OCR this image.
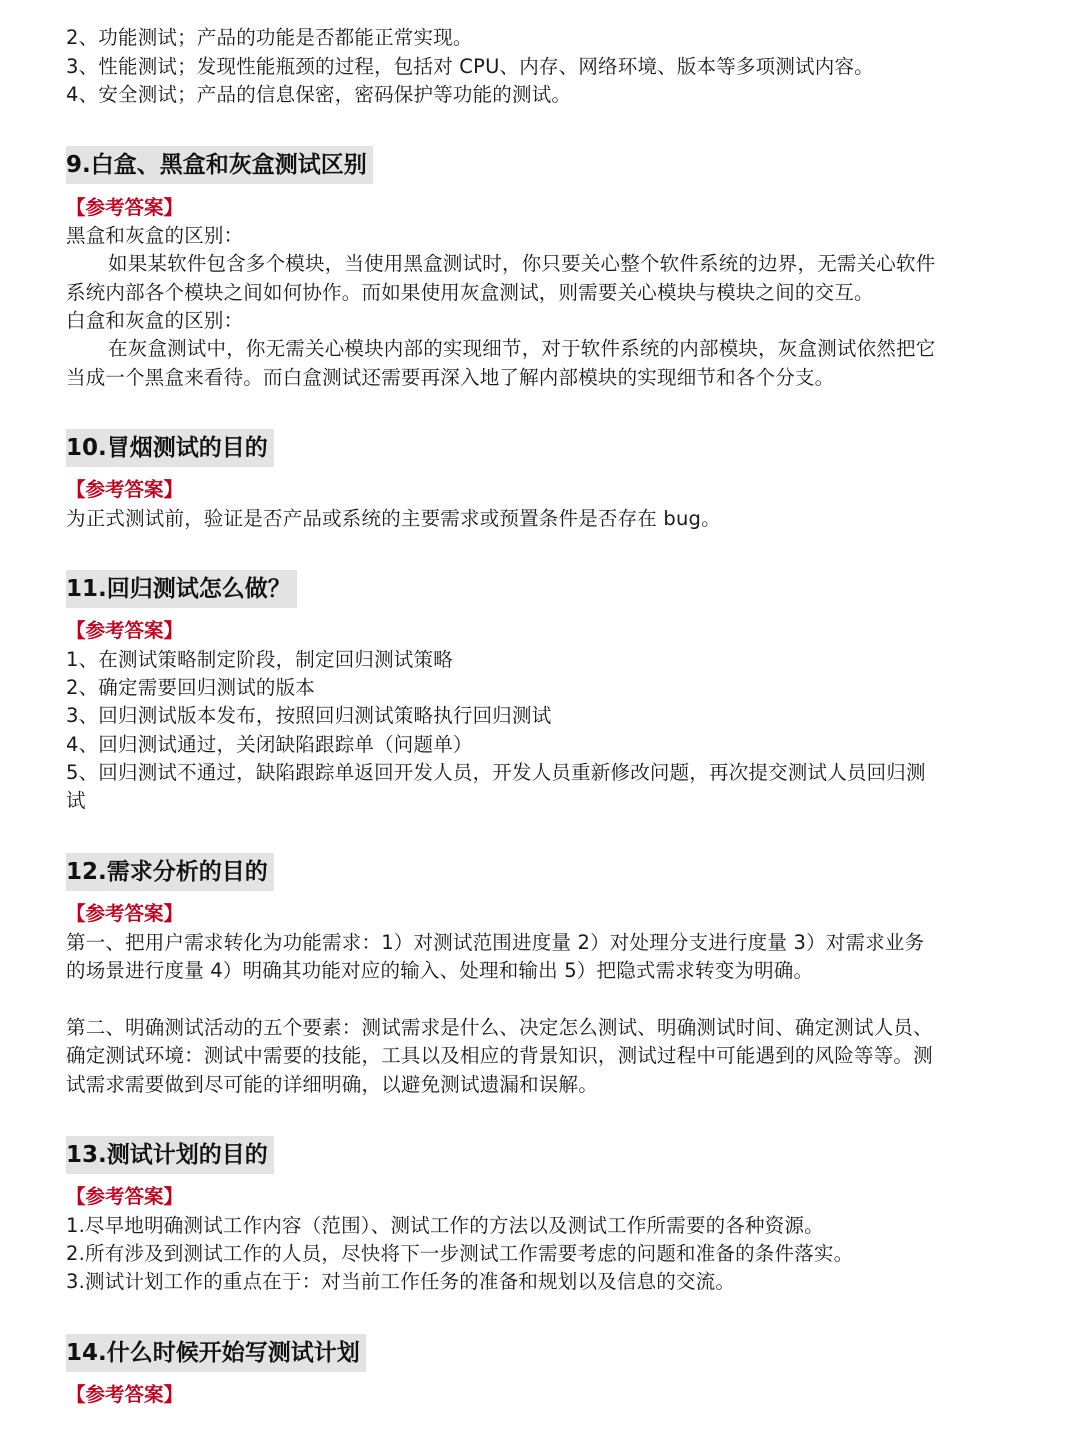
2、功能测试；产品的功能是否都能正常实现。
3、性能测试；发现性能瓶颈的过程，包括对 CPU、内存、网络环境、版本等多项测试内容。
4、安全测试；产品的信息保密，密码保护等功能的测试。
9.白盒、黑盒和灰盒测试区别
【参考答案】
黑盒和灰盒的区别：
如果某软件包含多个模块，当使用黑盒测试时，你只要关心整个软件系统的边界，无需关心软件
系统内部各个模块之间如何协作。而如果使用灰盒测试，则需要关心模块与模块之间的交互。
白盒和灰盒的区别：
在灰盒测试中，你无需关心模块内部的实现细节，对于软件系统的内部模块，灰盒测试依然把它
当成一个黑盒来看待。而白盒测试还需要再深入地了解内部模块的实现细节和各个分支。
10.冒烟测试的目的
【参考答案】
为正式测试前，验证是否产品或系统的主要需求或预置条件是否存在 bug。
11.回归测试怎么做？
【参考答案】
1、在测试策略制定阶段，制定回归测试策略
2、确定需要回归测试的版本
3、回归测试版本发布，按照回归测试策略执行回归测试
4、回归测试通过，关闭缺陷跟踪单（问题单）
5、回归测试不通过，缺陷跟踪单返回开发人员，开发人员重新修改问题，再次提交测试人员回归测
试
12.需求分析的目的
【参考答案】
第一、把用户需求转化为功能需求：1）对测试范围进度量 2）对处理分支进行度量 3）对需求业务
的场景进行度量 4）明确其功能对应的输入、处理和输出 5）把隐式需求转变为明确。
第二、明确测试活动的五个要素：测试需求是什么、决定怎么测试、明确测试时间、确定测试人员、
确定测试环境：测试中需要的技能，工具以及相应的背景知识，测试过程中可能遇到的风险等等。测
试需求需要做到尽可能的详细明确，以避免测试遗漏和误解。
13.测试计划的目的
【参考答案】
1.尽早地明确测试工作内容（范围）、测试工作的方法以及测试工作所需要的各种资源。
2.所有涉及到测试工作的人员，尽快将下一步测试工作需要考虑的问题和准备的条件落实。
3.测试计划工作的重点在于：对当前工作任务的准备和规划以及信息的交流。
14.什么时候开始写测试计划
【参考答案】
